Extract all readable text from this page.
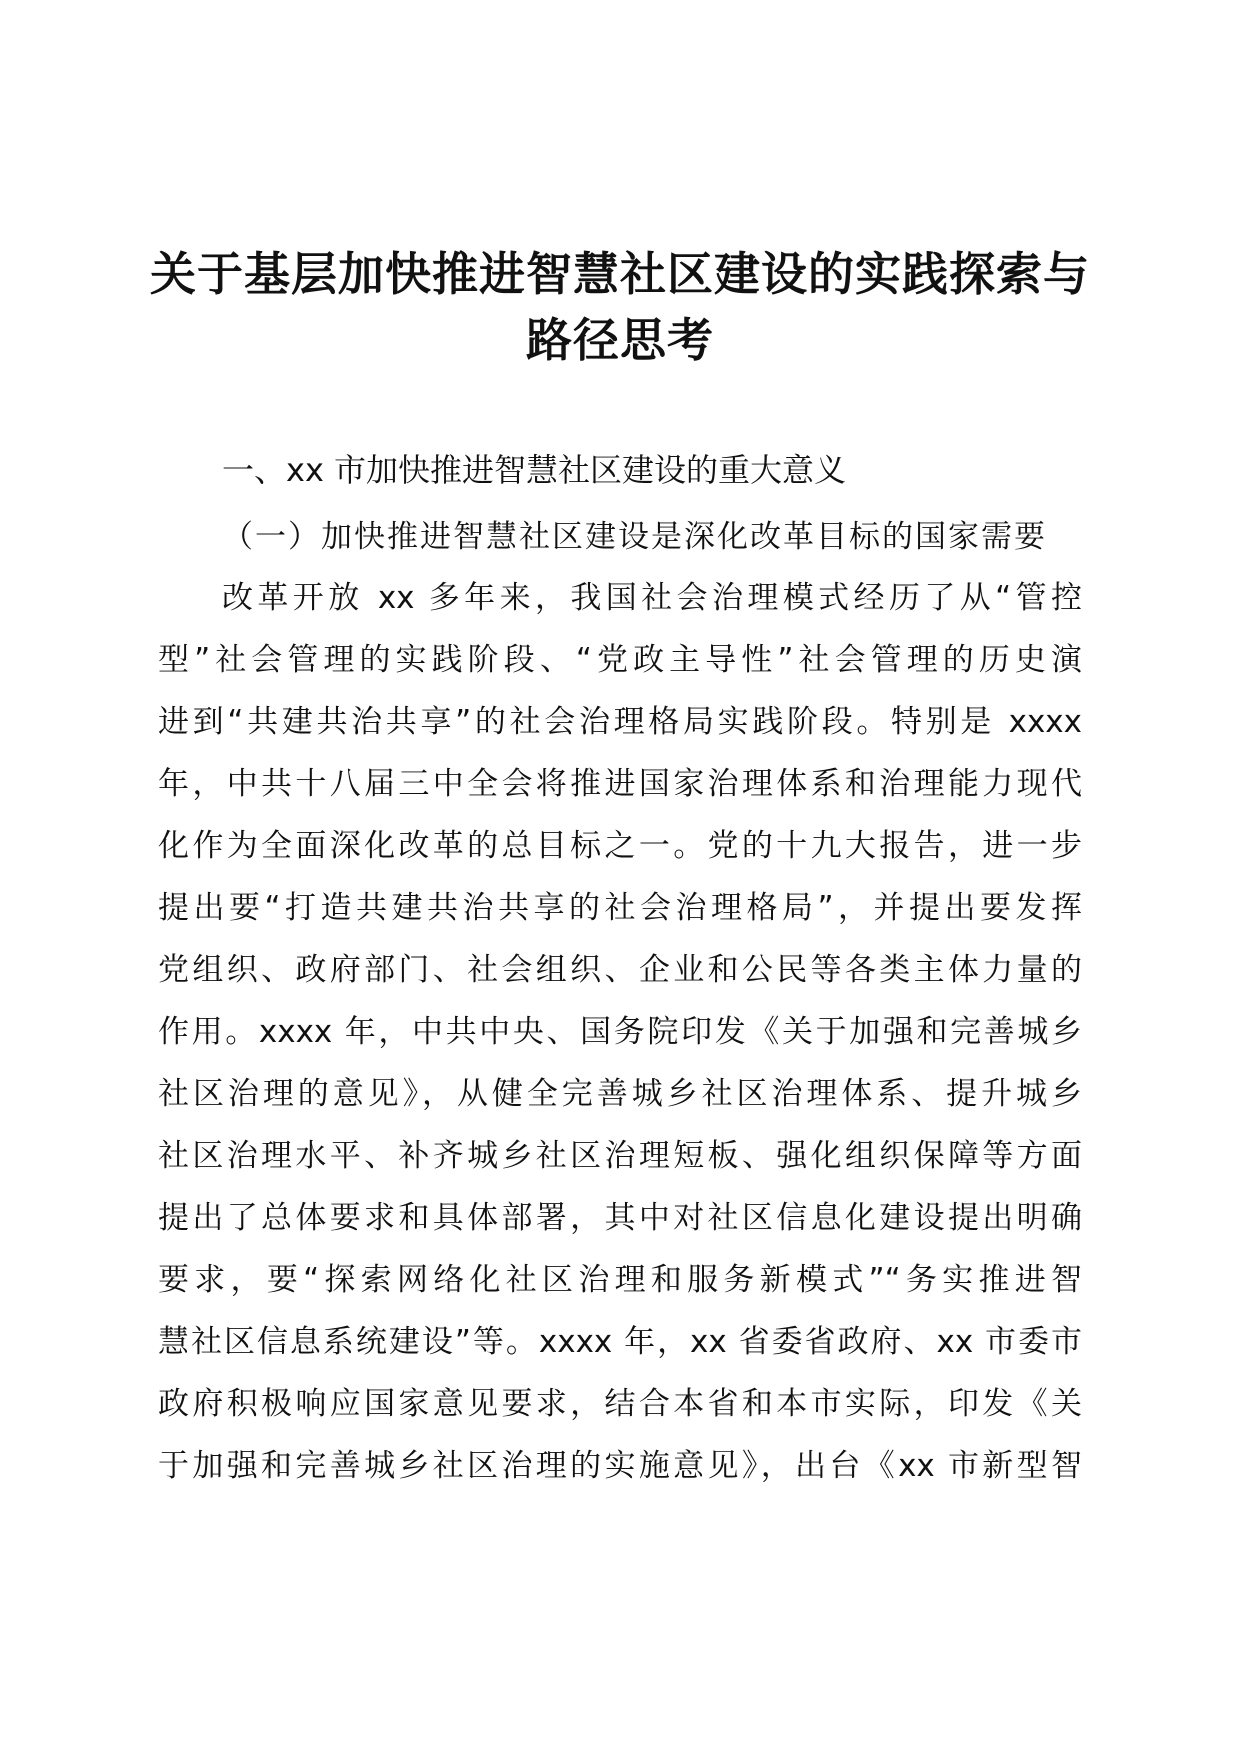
关于基层加快推进智慧社区建设的实践探索与
路径思考
一、xx 市加快推进智慧社区建设的重大意义
（一）加快推进智慧社区建设是深化改革目标的国家需要
改革开放 xx 多年来，我国社会治理模式经历了从“管控
型”社会管理的实践阶段、“党政主导性”社会管理的历史演
进到“共建共治共享”的社会治理格局实践阶段。特别是 xxxx
年，中共十八届三中全会将推进国家治理体系和治理能力现代
化作为全面深化改革的总目标之一。党的十九大报告，进一步
提出要“打造共建共治共享的社会治理格局”，并提出要发挥
党组织、政府部门、社会组织、企业和公民等各类主体力量的
作用。xxxx 年，中共中央、国务院印发《关于加强和完善城乡
社区治理的意见》，从健全完善城乡社区治理体系、提升城乡
社区治理水平、补齐城乡社区治理短板、强化组织保障等方面
提出了总体要求和具体部署，其中对社区信息化建设提出明确
要求，要“探索网络化社区治理和服务新模式”“务实推进智
慧社区信息系统建设”等。xxxx 年，xx 省委省政府、xx 市委市
政府积极响应国家意见要求，结合本省和本市实际，印发《关
于加强和完善城乡社区治理的实施意见》，出台《xx 市新型智
